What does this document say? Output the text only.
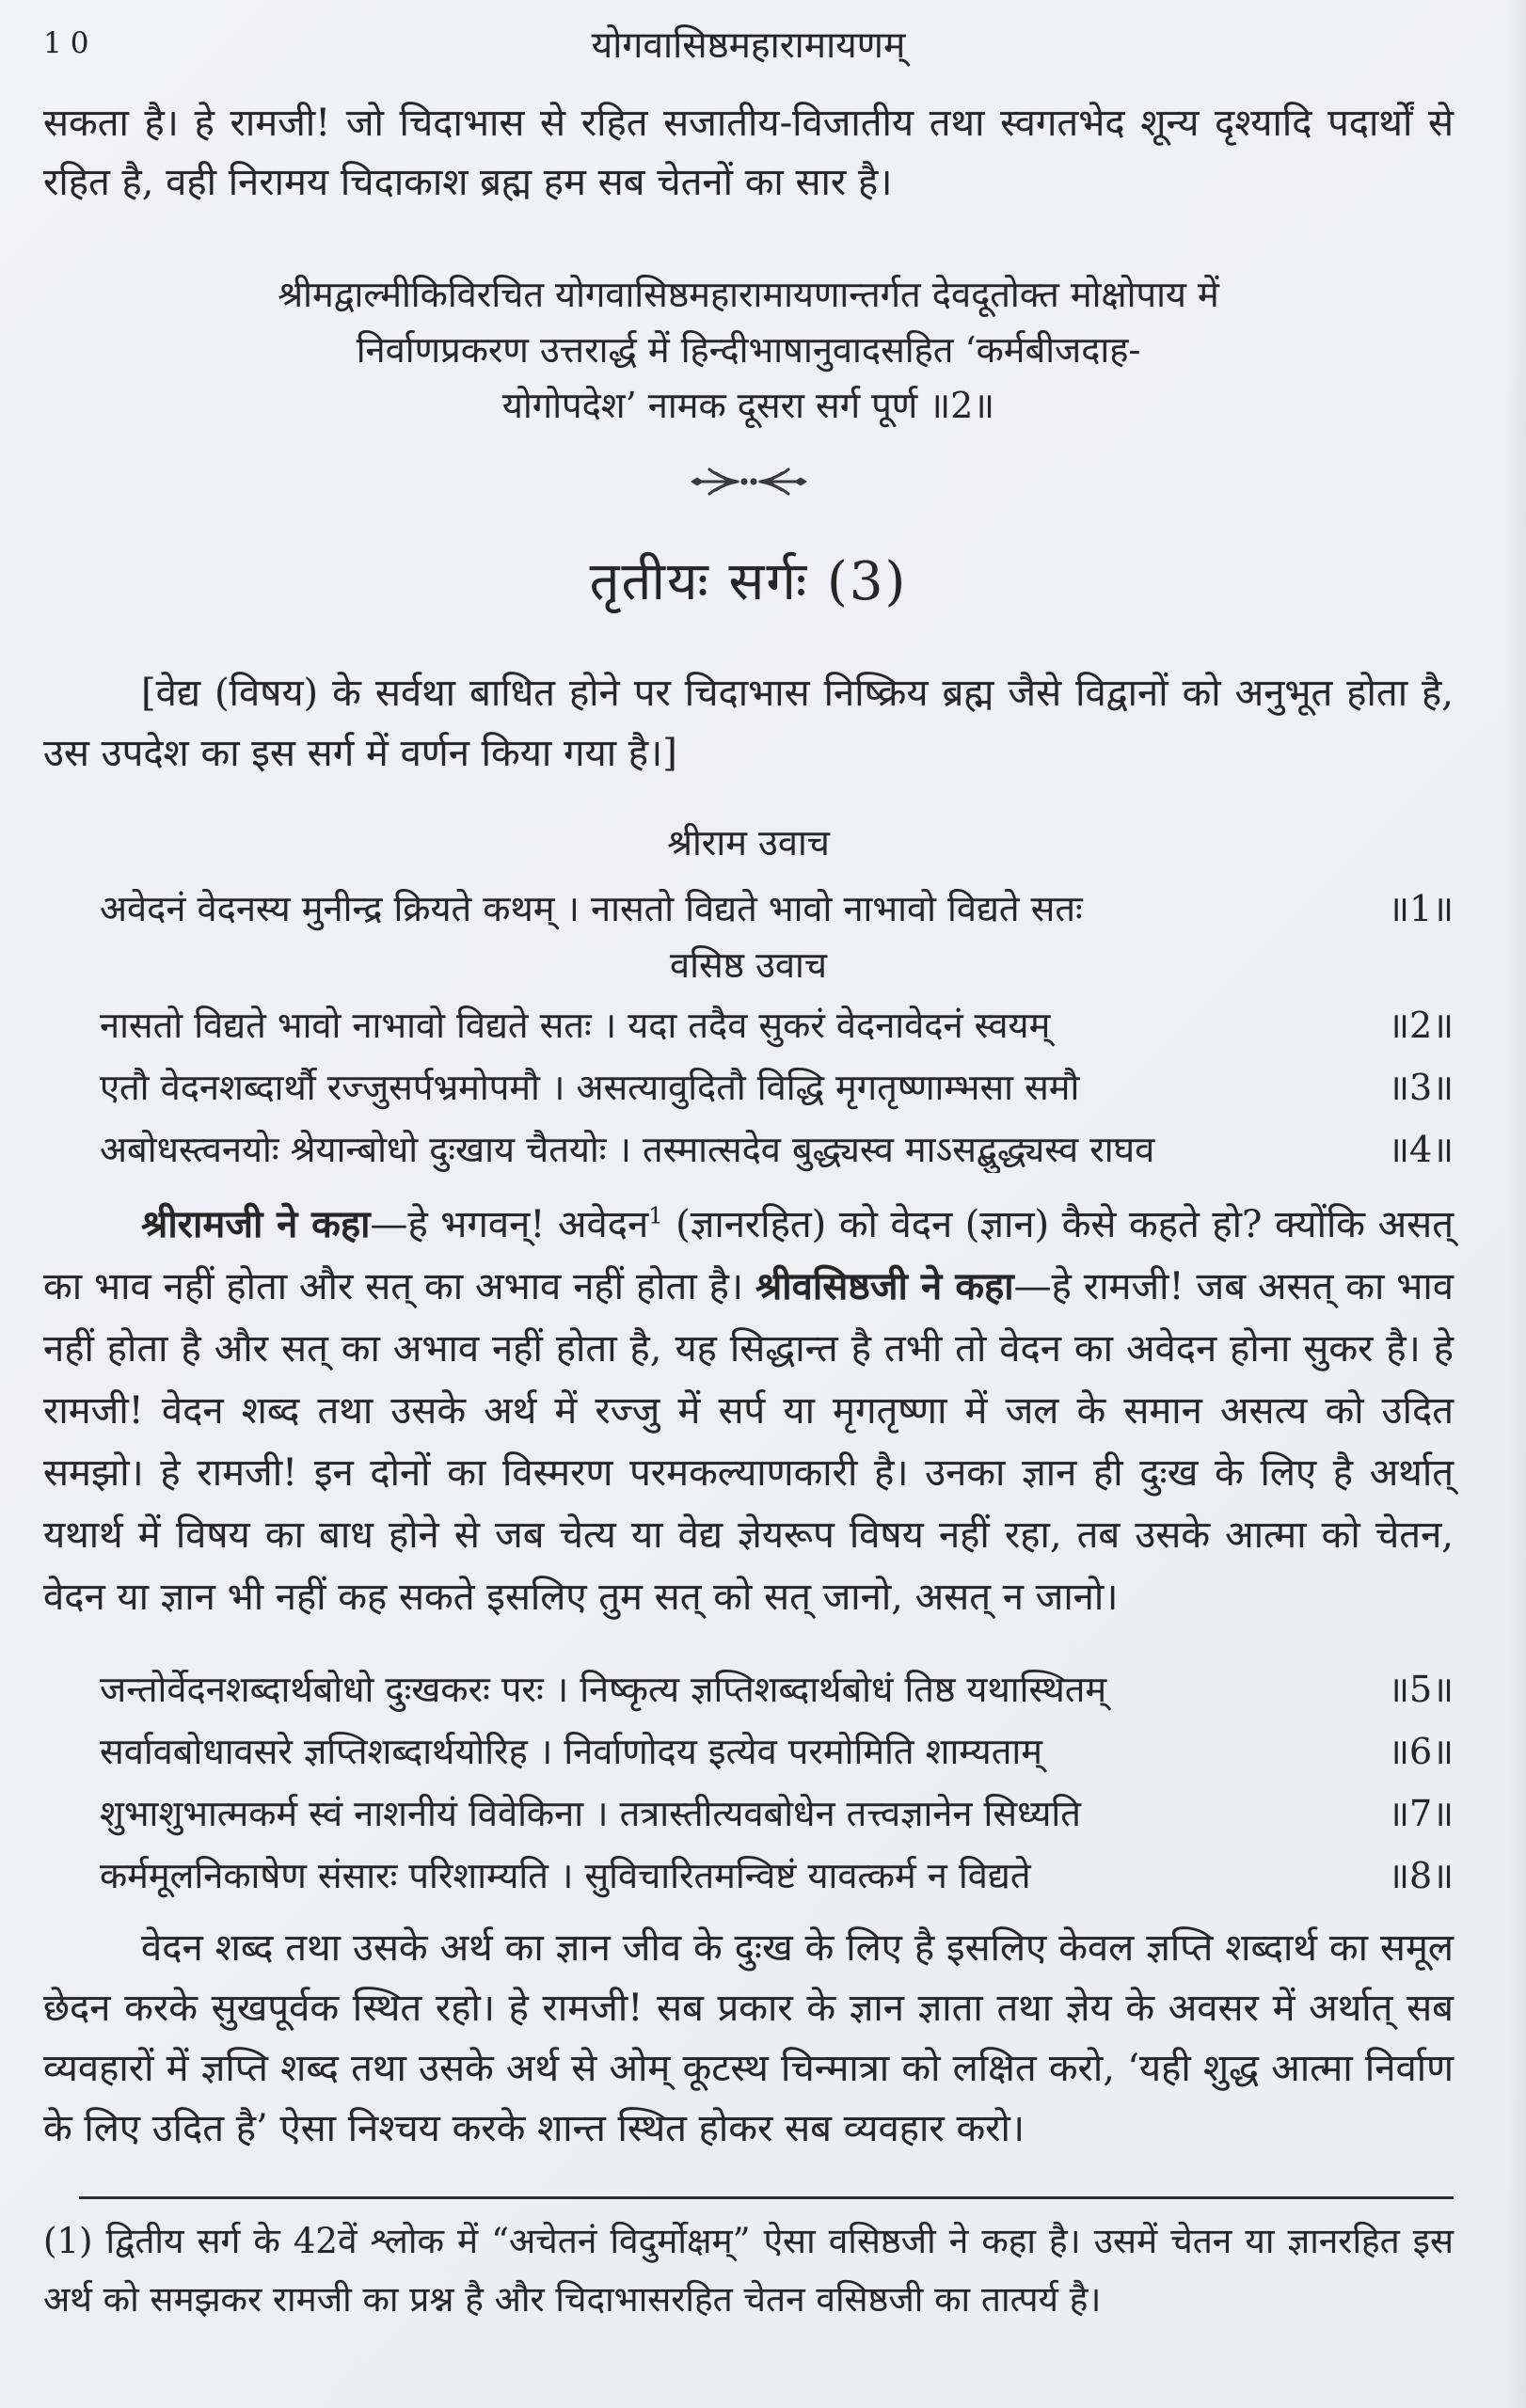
10	योगवासिष्ठमहारामायणम्

सकता है। हे रामजी! जो चिदाभास से रहित सजातीय-विजातीय तथा स्वगतभेद शून्य दृश्यादि पदार्थों से रहित है, वही निरामय चिदाकाश ब्रह्म हम सब चेतनों का सार है।

श्रीमद्वाल्मीकिविरचित योगवासिष्ठमहारामायणान्तर्गत देवदूतोक्त मोक्षोपाय में
निर्वाणप्रकरण उत्तरार्द्ध में हिन्दीभाषानुवादसहित ‘कर्मबीजदाह-
योगोपदेश’ नामक दूसरा सर्ग पूर्ण ॥2॥
तृतीयः सर्गः (3)

[वेद्य (विषय) के सर्वथा बाधित होने पर चिदाभास निष्क्रिय ब्रह्म जैसे विद्वानों को अनुभूत होता है, उस उपदेश का इस सर्ग में वर्णन किया गया है।]

श्रीराम उवाच
अवेदनं वेदनस्य मुनीन्द्र क्रियते कथम् । नासतो विद्यते भावो नाभावो विद्यते सतः	॥1॥
वसिष्ठ उवाच
नासतो विद्यते भावो नाभावो विद्यते सतः । यदा तदैव सुकरं वेदनावेदनं स्वयम्	॥2॥
एतौ वेदनशब्दार्थौ रज्जुसर्पभ्रमोपमौ । असत्यावुदितौ विद्धि मृगतृष्णाम्भसा समौ	॥3॥
अबोधस्त्वनयोः श्रेयान्बोधो दुःखाय चैतयोः । तस्मात्सदेव बुद्ध्यस्व माऽसद्बुद्ध्यस्व राघव	॥4॥

श्रीरामजी ने कहा—हे भगवन्! अवेदन$^1$ (ज्ञानरहित) को वेदन (ज्ञान) कैसे कहते हो? क्योंकि असत् का भाव नहीं होता और सत् का अभाव नहीं होता है। श्रीवसिष्ठजी ने कहा—हे रामजी! जब असत् का भाव नहीं होता है और सत् का अभाव नहीं होता है, यह सिद्धान्त है तभी तो वेदन का अवेदन होना सुकर है। हे रामजी! वेदन शब्द तथा उसके अर्थ में रज्जु में सर्प या मृगतृष्णा में जल के समान असत्य को उदित समझो। हे रामजी! इन दोनों का विस्मरण परमकल्याणकारी है। उनका ज्ञान ही दुःख के लिए है अर्थात् यथार्थ में विषय का बाध होने से जब चेत्य या वेद्य ज्ञेयरूप विषय नहीं रहा, तब उसके आत्मा को चेतन, वेदन या ज्ञान भी नहीं कह सकते इसलिए तुम सत् को सत् जानो, असत् न जानो।

जन्तोर्वेदनशब्दार्थबोधो दुःखकरः परः । निष्कृत्य ज्ञप्तिशब्दार्थबोधं तिष्ठ यथास्थितम्	॥5॥
सर्वावबोधावसरे ज्ञप्तिशब्दार्थयोरिह । निर्वाणोदय इत्येव परमोमिति शाम्यताम्	॥6॥
शुभाशुभात्मकर्म स्वं नाशनीयं विवेकिना । तत्रास्तीत्यवबोधेन तत्त्वज्ञानेन सिध्यति	॥7॥
कर्ममूलनिकाषेण संसारः परिशाम्यति । सुविचारितमन्विष्टं यावत्कर्म न विद्यते	॥8॥

वेदन शब्द तथा उसके अर्थ का ज्ञान जीव के दुःख के लिए है इसलिए केवल ज्ञप्ति शब्दार्थ का समूल छेदन करके सुखपूर्वक स्थित रहो। हे रामजी! सब प्रकार के ज्ञान ज्ञाता तथा ज्ञेय के अवसर में अर्थात् सब व्यवहारों में ज्ञप्ति शब्द तथा उसके अर्थ से ओम् कूटस्थ चिन्मात्रा को लक्षित करो, ‘यही शुद्ध आत्मा निर्वाण के लिए उदित है’ ऐसा निश्चय करके शान्त स्थित होकर सब व्यवहार करो।

(1) द्वितीय सर्ग के 42वें श्लोक में “अचेतनं विदुर्मोक्षम्” ऐसा वसिष्ठजी ने कहा है। उसमें चेतन या ज्ञानरहित इस अर्थ को समझकर रामजी का प्रश्न है और चिदाभासरहित चेतन वसिष्ठजी का तात्पर्य है।
